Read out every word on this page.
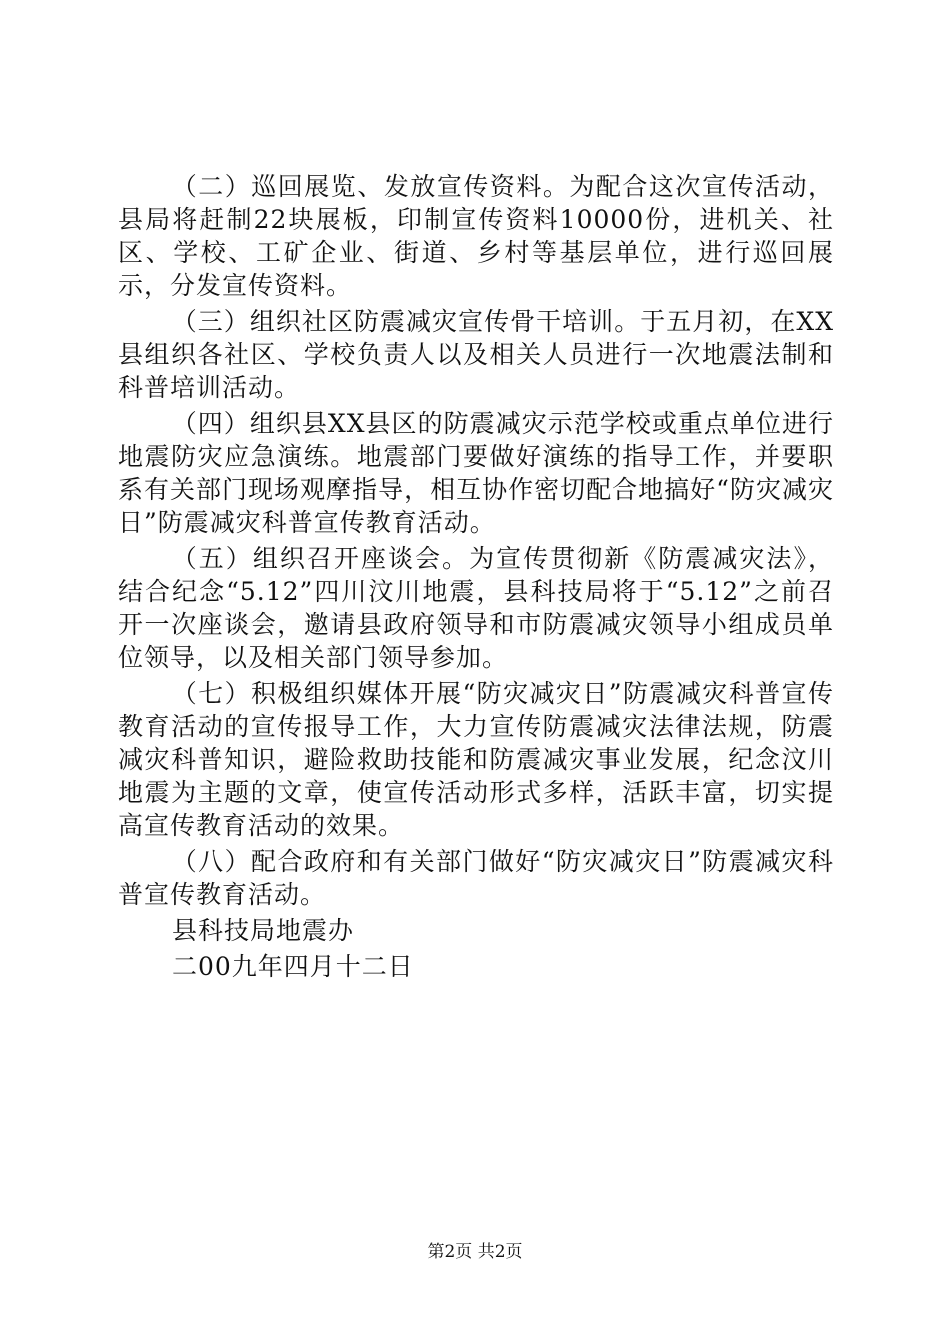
（二）巡回展览、发放宣传资料。为配合这次宣传活动，县局将赶制22块展板，印制宣传资料10000份，进机关、社区、学校、工矿企业、街道、乡村等基层单位，进行巡回展示，分发宣传资料。

（三）组织社区防震减灾宣传骨干培训。于五月初，在XX县组织各社区、学校负责人以及相关人员进行一次地震法制和科普培训活动。

（四）组织县XX县区的防震减灾示范学校或重点单位进行地震防灾应急演练。地震部门要做好演练的指导工作，并要职系有关部门现场观摩指导，相互协作密切配合地搞好“防灾减灾日”防震减灾科普宣传教育活动。

（五）组织召开座谈会。为宣传贯彻新《防震减灾法》，结合纪念“5.12”四川汶川地震，县科技局将于“5.12”之前召开一次座谈会，邀请县政府领导和市防震减灾领导小组成员单位领导，以及相关部门领导参加。

（七）积极组织媒体开展“防灾减灾日”防震减灾科普宣传教育活动的宣传报导工作，大力宣传防震减灾法律法规，防震减灾科普知识，避险救助技能和防震减灾事业发展，纪念汶川地震为主题的文章，使宣传活动形式多样，活跃丰富，切实提高宣传教育活动的效果。

（八）配合政府和有关部门做好“防灾减灾日”防震减灾科普宣传教育活动。

县科技局地震办

二00九年四月十二日

第2页 共2页
